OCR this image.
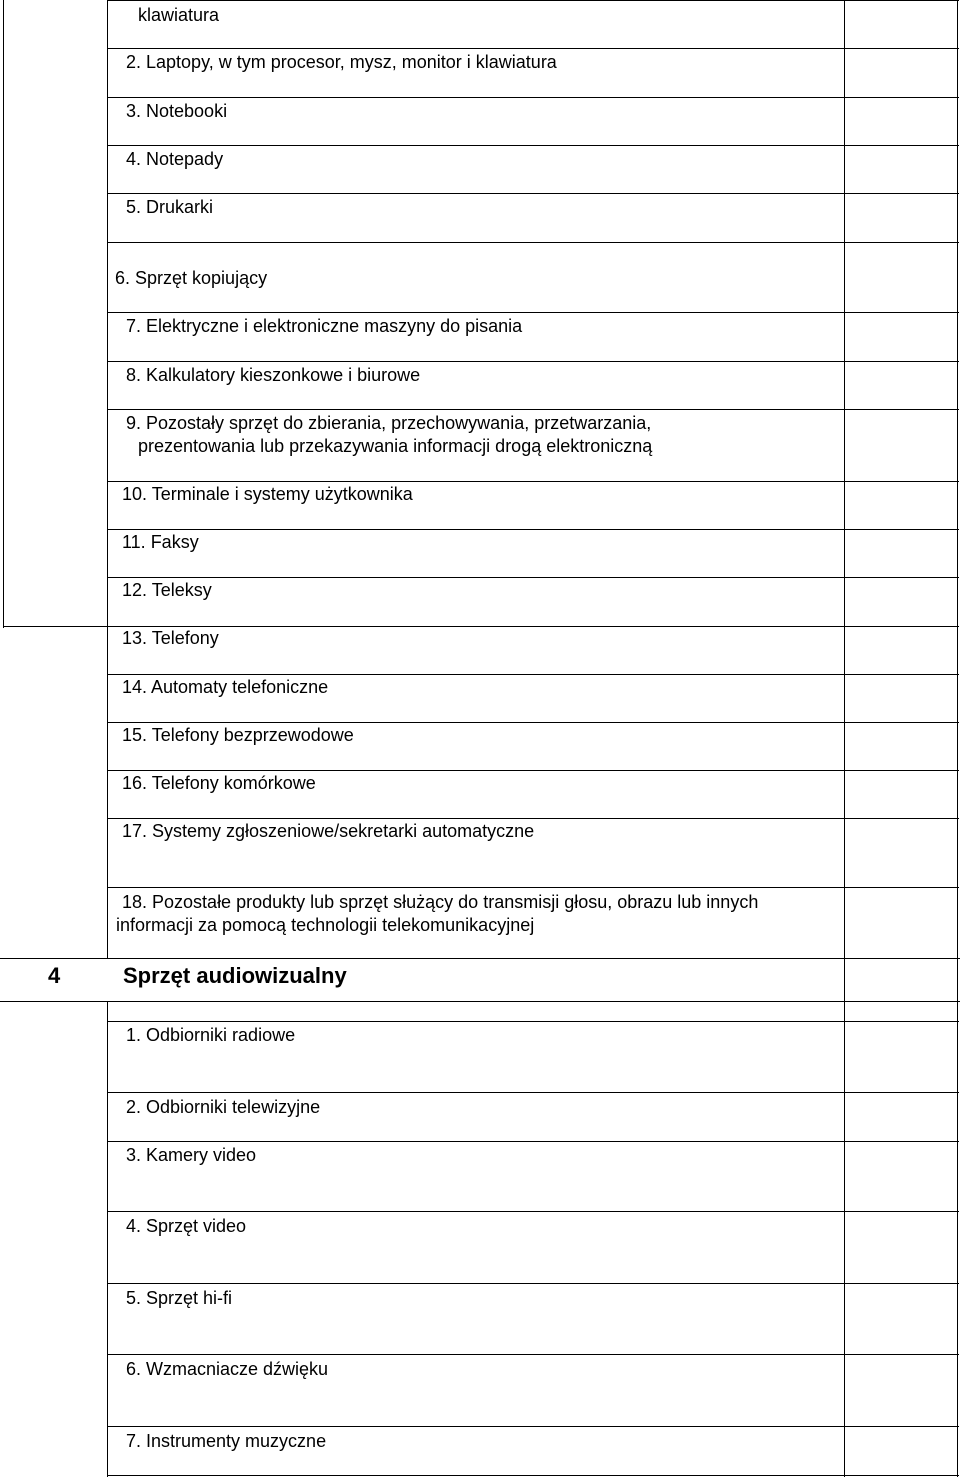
klawiatura
2. Laptopy, w tym procesor, mysz, monitor i klawiatura
3. Notebooki
4. Notepady
5. Drukarki
6. Sprzęt kopiujący
7. Elektryczne i elektroniczne maszyny do pisania
8. Kalkulatory kieszonkowe i biurowe
9. Pozostały sprzęt do zbierania, przechowywania, przetwarzania,
prezentowania lub przekazywania informacji drogą elektroniczną
10. Terminale i systemy użytkownika
11. Faksy
12. Teleksy
13. Telefony
14. Automaty telefoniczne
15. Telefony bezprzewodowe
16. Telefony komórkowe
17. Systemy zgłoszeniowe/sekretarki automatyczne
18. Pozostałe produkty lub sprzęt służący do transmisji głosu, obrazu lub innych
informacji za pomocą technologii telekomunikacyjnej
4	Sprzęt audiowizualny
1. Odbiorniki radiowe
2. Odbiorniki telewizyjne
3. Kamery video
4. Sprzęt video
5. Sprzęt hi-fi
6. Wzmacniacze dźwięku
7. Instrumenty muzyczne
